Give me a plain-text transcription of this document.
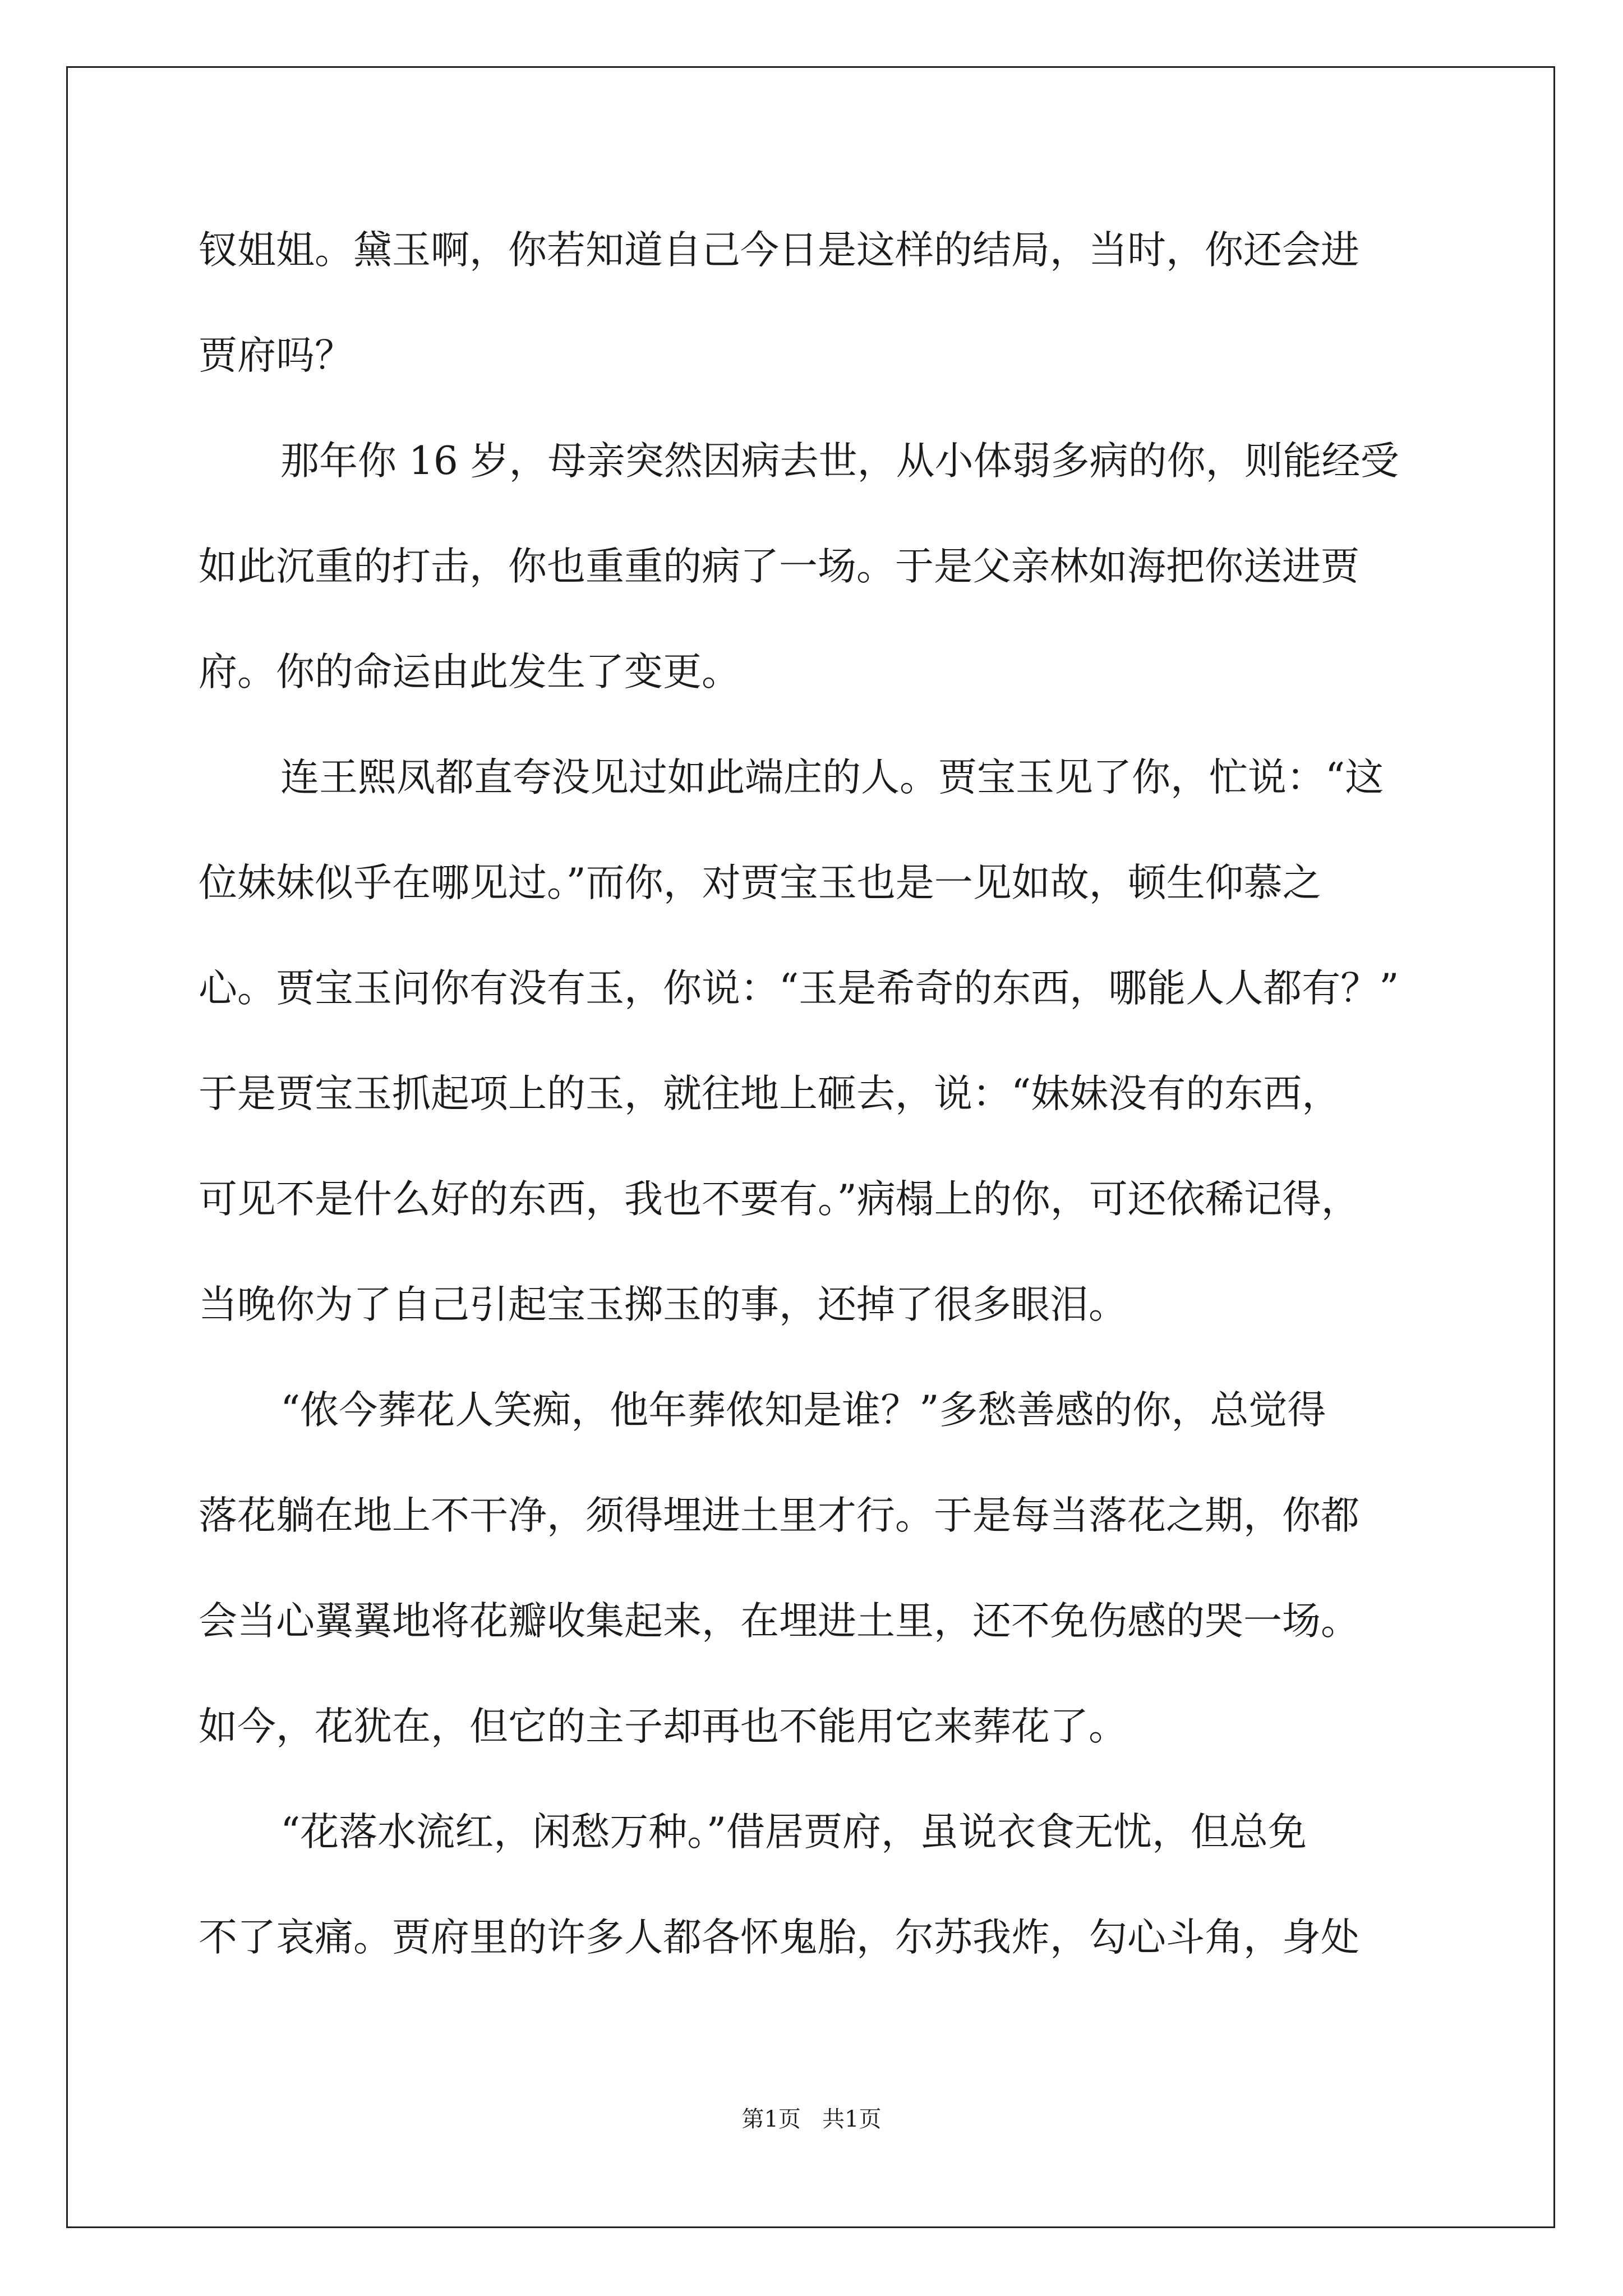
钗姐姐。黛玉啊，你若知道自己今日是这样的结局，当时，你还会进
贾府吗？
那年你 16 岁，母亲突然因病去世，从小体弱多病的你，则能经受
如此沉重的打击，你也重重的病了一场。于是父亲林如海把你送进贾
府。你的命运由此发生了变更。
连王熙凤都直夸没见过如此端庄的人。贾宝玉见了你，忙说：“这
位妹妹似乎在哪见过。”而你，对贾宝玉也是一见如故，顿生仰慕之
心。贾宝玉问你有没有玉，你说：“玉是希奇的东西，哪能人人都有？”
于是贾宝玉抓起项上的玉，就往地上砸去，说：“妹妹没有的东西，
可见不是什么好的东西，我也不要有。”病榻上的你，可还依稀记得，
当晚你为了自己引起宝玉掷玉的事，还掉了很多眼泪。
“侬今葬花人笑痴，他年葬侬知是谁？”多愁善感的你，总觉得
落花躺在地上不干净，须得埋进土里才行。于是每当落花之期，你都
会当心翼翼地将花瓣收集起来，在埋进土里，还不免伤感的哭一场。
如今，花犹在，但它的主子却再也不能用它来葬花了。
“花落水流红，闲愁万种。”借居贾府，虽说衣食无忧，但总免
不了哀痛。贾府里的许多人都各怀鬼胎，尔苏我炸，勾心斗角，身处
第1页   共1页
